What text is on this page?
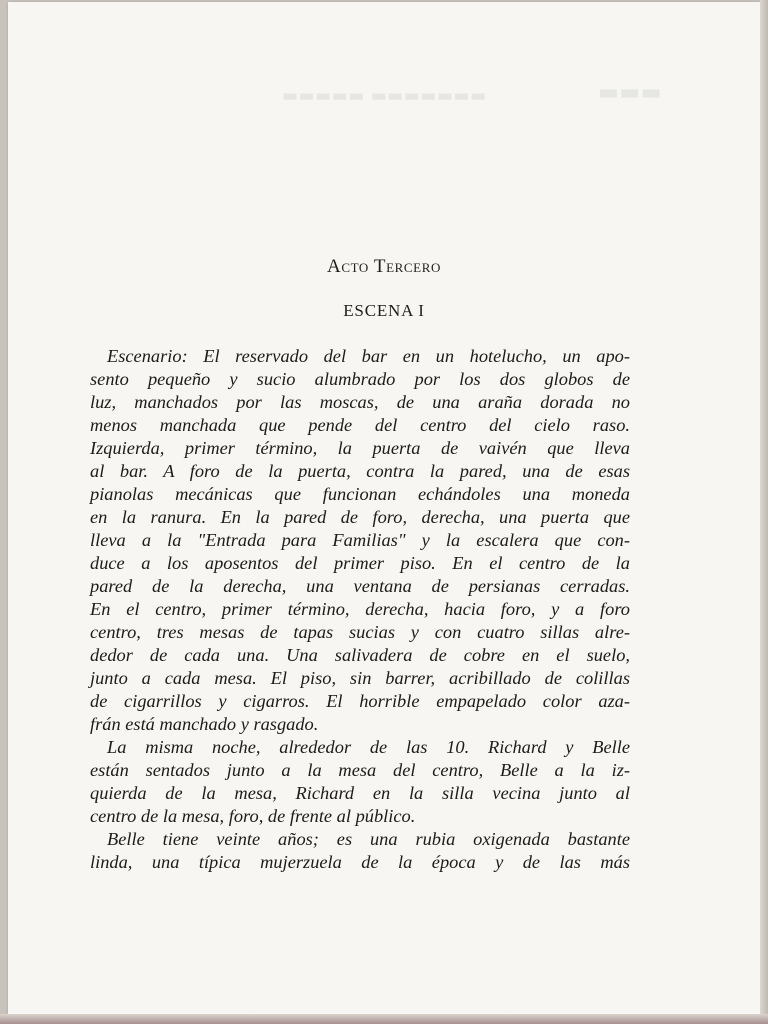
▬▬▬▬▬ ▬▬▬▬▬▬▬	▬▬▬
Acto Tercero
ESCENA I
Escenario: El reservado del bar en un hotelucho, un apo-
sento pequeño y sucio alumbrado por los dos globos de
luz, manchados por las moscas, de una araña dorada no
menos manchada que pende del centro del cielo raso.
Izquierda, primer término, la puerta de vaivén que lleva
al bar. A foro de la puerta, contra la pared, una de esas
pianolas mecánicas que funcionan echándoles una moneda
en la ranura. En la pared de foro, derecha, una puerta que
lleva a la "Entrada para Familias" y la escalera que con-
duce a los aposentos del primer piso. En el centro de la
pared de la derecha, una ventana de persianas cerradas.
En el centro, primer término, derecha, hacia foro, y a foro
centro, tres mesas de tapas sucias y con cuatro sillas alre-
dedor de cada una. Una salivadera de cobre en el suelo,
junto a cada mesa. El piso, sin barrer, acribillado de colillas
de cigarrillos y cigarros. El horrible empapelado color aza-
frán está manchado y rasgado.
La misma noche, alrededor de las 10. Richard y Belle
están sentados junto a la mesa del centro, Belle a la iz-
quierda de la mesa, Richard en la silla vecina junto al
centro de la mesa, foro, de frente al público.
Belle tiene veinte años; es una rubia oxigenada bastante
linda, una típica mujerzuela de la época y de las más
